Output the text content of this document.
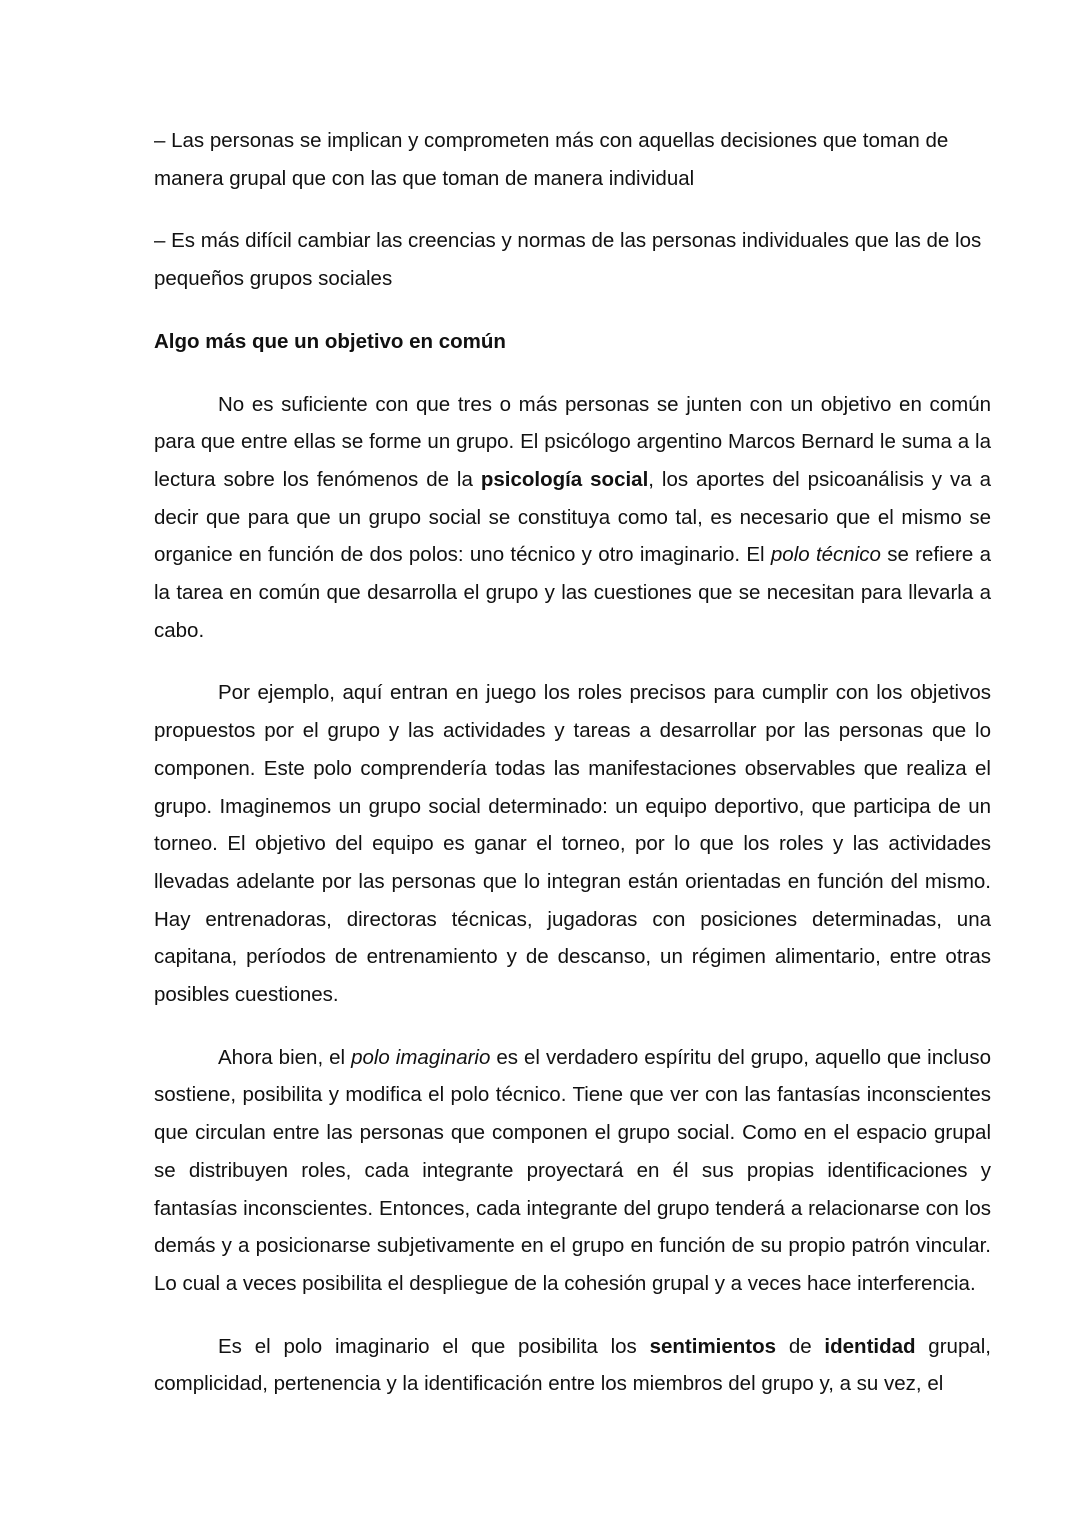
– Las personas se implican y comprometen más con aquellas decisiones que toman de manera grupal que con las que toman de manera individual

– Es más difícil cambiar las creencias y normas de las personas individuales que las de los pequeños grupos sociales

Algo más que un objetivo en común

No es suficiente con que tres o más personas se junten con un objetivo en común para que entre ellas se forme un grupo. El psicólogo argentino Marcos Bernard le suma a la lectura sobre los fenómenos de la psicología social, los aportes del psicoanálisis y va a decir que para que un grupo social se constituya como tal, es necesario que el mismo se organice en función de dos polos: uno técnico y otro imaginario. El polo técnico se refiere a la tarea en común que desarrolla el grupo y las cuestiones que se necesitan para llevarla a cabo.

Por ejemplo, aquí entran en juego los roles precisos para cumplir con los objetivos propuestos por el grupo y las actividades y tareas a desarrollar por las personas que lo componen. Este polo comprendería todas las manifestaciones observables que realiza el grupo. Imaginemos un grupo social determinado: un equipo deportivo, que participa de un torneo. El objetivo del equipo es ganar el torneo, por lo que los roles y las actividades llevadas adelante por las personas que lo integran están orientadas en función del mismo. Hay entrenadoras, directoras técnicas, jugadoras con posiciones determinadas, una capitana, períodos de entrenamiento y de descanso, un régimen alimentario, entre otras posibles cuestiones.

Ahora bien, el polo imaginario es el verdadero espíritu del grupo, aquello que incluso sostiene, posibilita y modifica el polo técnico. Tiene que ver con las fantasías inconscientes que circulan entre las personas que componen el grupo social. Como en el espacio grupal se distribuyen roles, cada integrante proyectará en él sus propias identificaciones y fantasías inconscientes. Entonces, cada integrante del grupo tenderá a relacionarse con los demás y a posicionarse subjetivamente en el grupo en función de su propio patrón vincular. Lo cual a veces posibilita el despliegue de la cohesión grupal y a veces hace interferencia.

Es el polo imaginario el que posibilita los sentimientos de identidad grupal, complicidad, pertenencia y la identificación entre los miembros del grupo y, a su vez, el
